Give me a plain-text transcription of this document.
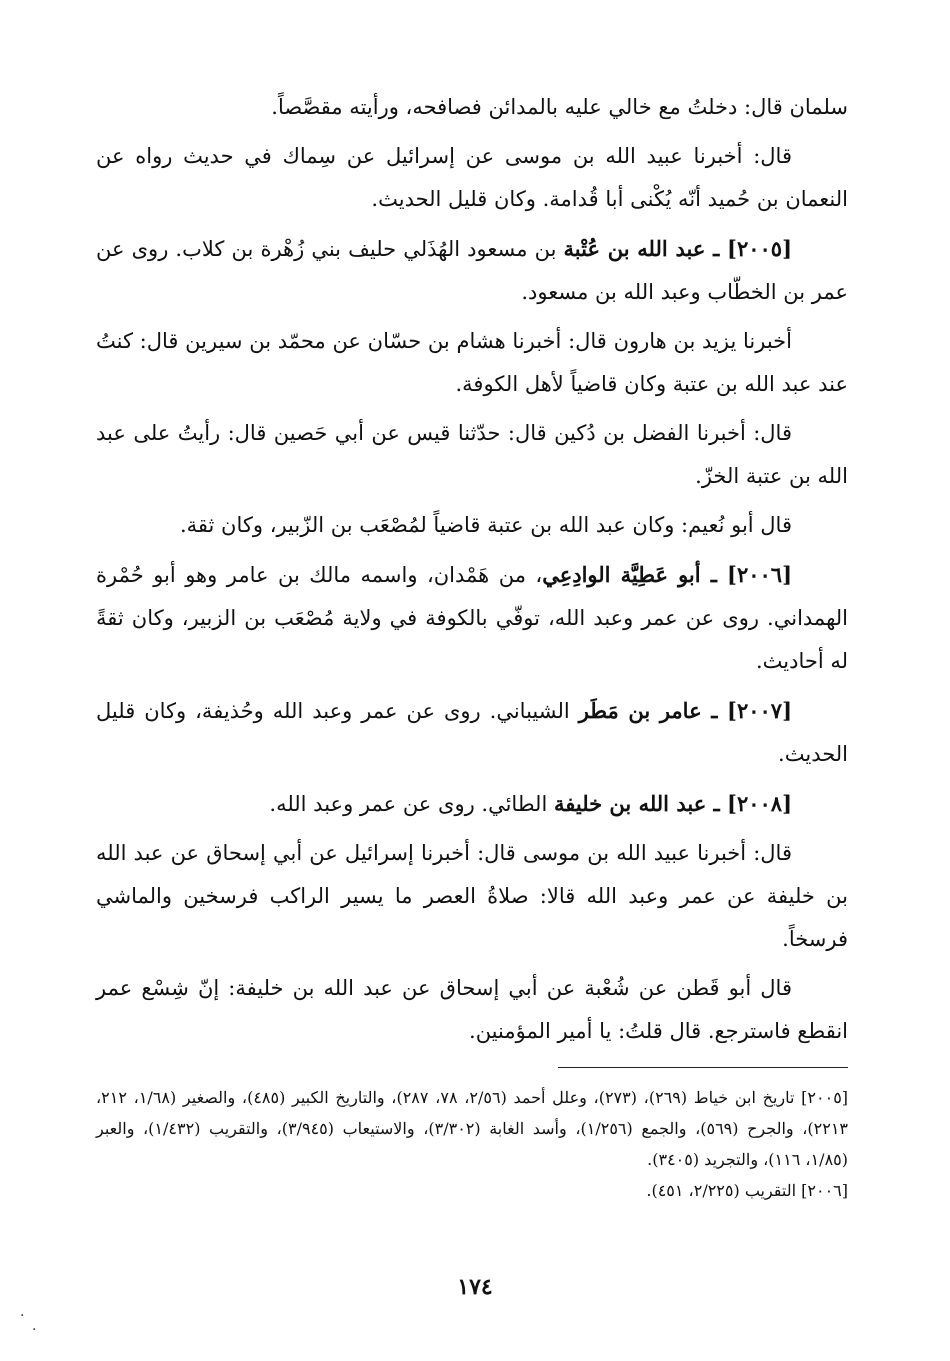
سلمان قال: دخلتُ مع خالي عليه بالمدائن فصافحه، ورأيته مقصَّصاً.

قال: أخبرنا عبيد الله بن موسى عن إسرائيل عن سِماك في حديث رواه عن النعمان بن حُميد أنّه يُكْنى أبا قُدامة. وكان قليل الحديث.

[٢٠٠٥] ـ عبد الله بن عُتْبة بن مسعود الهُذَلي حليف بني زُهْرة بن كلاب. روى عن عمر بن الخطّاب وعبد الله بن مسعود.

أخبرنا يزيد بن هارون قال: أخبرنا هشام بن حسّان عن محمّد بن سيرين قال: كنتُ عند عبد الله بن عتبة وكان قاضياً لأهل الكوفة.

قال: أخبرنا الفضل بن دُكين قال: حدّثنا قيس عن أبي حَصين قال: رأيتُ على عبد الله بن عتبة الخزّ.

قال أبو نُعيم: وكان عبد الله بن عتبة قاضياً لمُصْعَب بن الزّبير، وكان ثقة.

[٢٠٠٦] ـ أبو عَطِيَّة الوادِعِي، من هَمْدان، واسمه مالك بن عامر وهو أبو حُمْرة الهمداني. روى عن عمر وعبد الله، توفّي بالكوفة في ولاية مُصْعَب بن الزبير، وكان ثقةً له أحاديث.

[٢٠٠٧] ـ عامر بن مَطَر الشيباني. روى عن عمر وعبد الله وحُذيفة، وكان قليل الحديث.

[٢٠٠٨] ـ عبد الله بن خليفة الطائي. روى عن عمر وعبد الله.

قال: أخبرنا عبيد الله بن موسى قال: أخبرنا إسرائيل عن أبي إسحاق عن عبد الله بن خليفة عن عمر وعبد الله قالا: صلاةُ العصر ما يسير الراكب فرسخين والماشي فرسخاً.

قال أبو قَطن عن شُعْبة عن أبي إسحاق عن عبد الله بن خليفة: إنّ شِسْع عمر انقطع فاسترجع. قال قلتُ: يا أمير المؤمنين.

[٢٠٠٥] تاريخ ابن خياط (٢٦٩)، (٢٧٣)، وعلل أحمد (٢/٥٦، ٧٨، ٢٨٧)، والتاريخ الكبير (٤٨٥)، والصغير (١/٦٨، ٢١٢، ٢٢١٣)، والجرح (٥٦٩)، والجمع (١/٢٥٦)، وأسد الغابة (٣/٣٠٢)، والاستيعاب (٣/٩٤٥)، والتقريب (١/٤٣٢)، والعبر (١/٨٥، ١١٦)، والتجريد (٣٤٠٥).

[٢٠٠٦] التقريب (٢/٢٢٥، ٤٥١).

١٧٤
·
·
